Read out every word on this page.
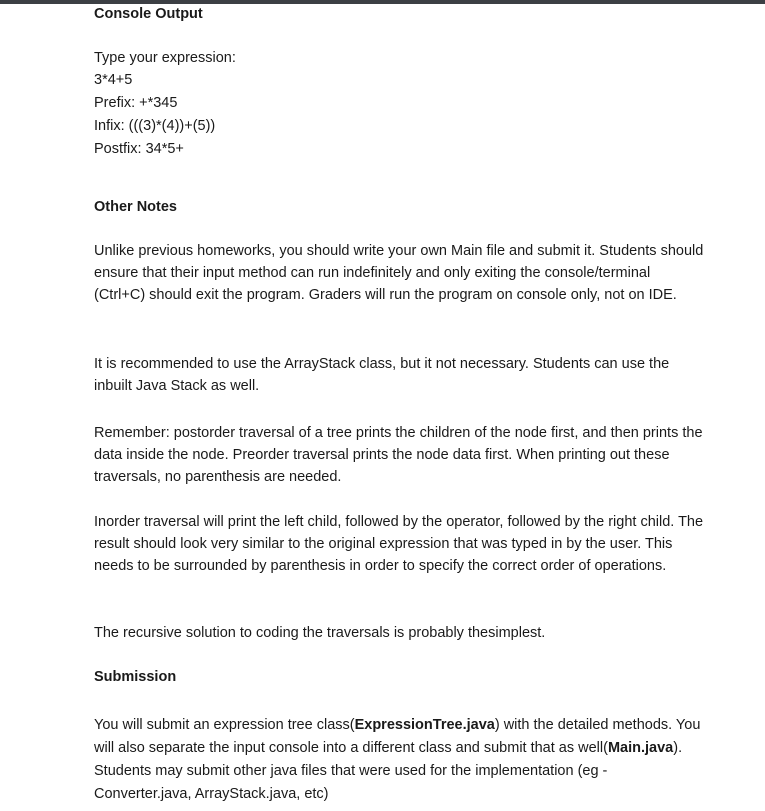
Console Output
Type your expression:
3*4+5
Prefix: +*345
Infix: (((3)*(4))+(5))
Postfix: 34*5+
Other Notes
Unlike previous homeworks, you should write your own Main file and submit it. Students should ensure that their input method can run indefinitely and only exiting the console/terminal (Ctrl+C) should exit the program. Graders will run the program on console only, not on IDE.
It is recommended to use the ArrayStack class, but it not necessary. Students can use the inbuilt Java Stack as well.
Remember: postorder traversal of a tree prints the children of the node first, and then prints the data inside the node. Preorder traversal prints the node data first. When printing out these traversals, no parenthesis are needed.
Inorder traversal will print the left child, followed by the operator, followed by the right child. The result should look very similar to the original expression that was typed in by the user. This needs to be surrounded by parenthesis in order to specify the correct order of operations.
The recursive solution to coding the traversals is probably thesimplest.
Submission
You will submit an expression tree class(ExpressionTree.java) with the detailed methods. You will also separate the input console into a different class and submit that as well(Main.java). Students may submit other java files that were used for the implementation (eg - Converter.java, ArrayStack.java, etc)
